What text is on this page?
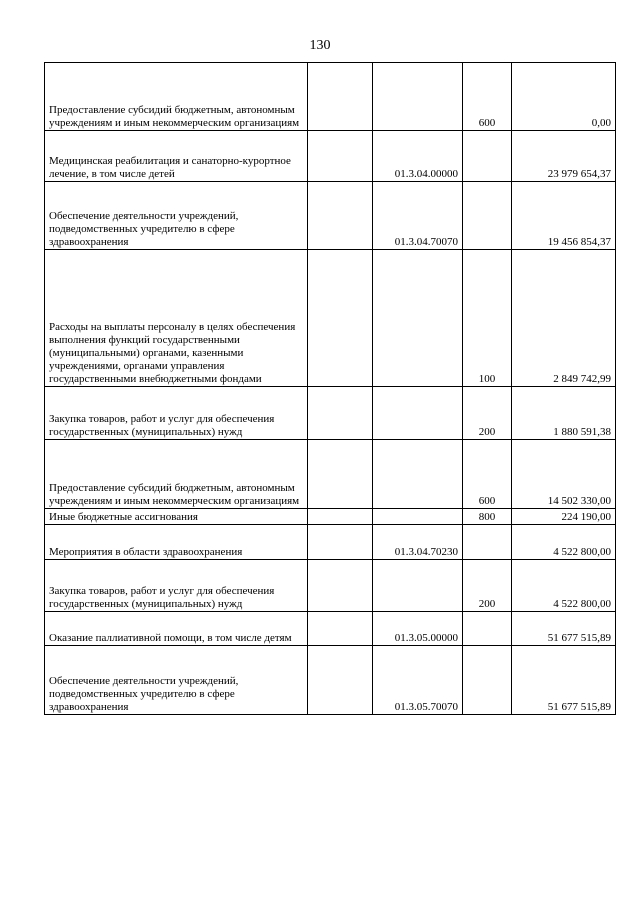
130
Предоставление субсидий бюджетным, автономным учреждениям и иным некоммерческим организациям			600	0,00
Медицинская реабилитация и санаторно-курортное лечение, в том числе детей		01.3.04.00000		23 979 654,37
Обеспечение деятельности учреждений, подведомственных учредителю в сфере здравоохранения		01.3.04.70070		19 456 854,37
Расходы на выплаты персоналу в целях обеспечения выполнения функций государственными (муниципальными) органами, казенными учреждениями, органами управления государственными внебюджетными фондами			100	2 849 742,99
Закупка товаров, работ и услуг для обеспечения государственных (муниципальных) нужд			200	1 880 591,38
Предоставление субсидий бюджетным, автономным учреждениям и иным некоммерческим организациям			600	14 502 330,00
Иные бюджетные ассигнования			800	224 190,00
Мероприятия в области здравоохранения		01.3.04.70230		4 522 800,00
Закупка товаров, работ и услуг для обеспечения государственных (муниципальных) нужд			200	4 522 800,00
Оказание паллиативной помощи, в том числе детям		01.3.05.00000		51 677 515,89
Обеспечение деятельности учреждений, подведомственных учредителю в сфере здравоохранения		01.3.05.70070		51 677 515,89
